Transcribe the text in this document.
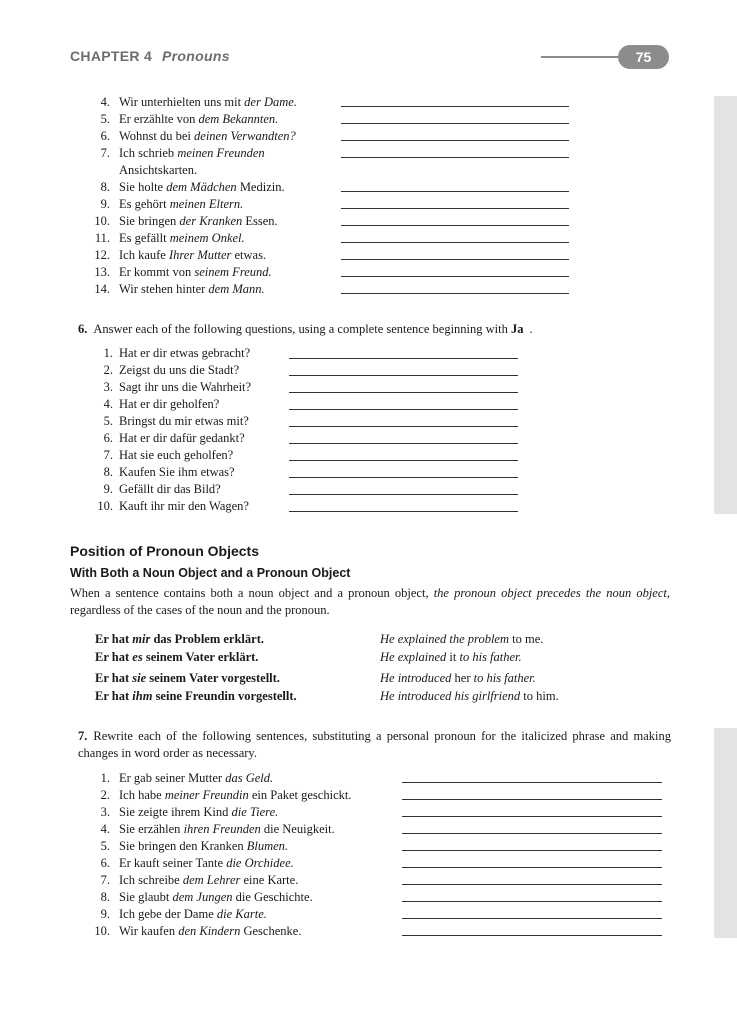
CHAPTER 4 Pronouns	75
4. Wir unterhielten uns mit der Dame.
5. Er erzählte von dem Bekannten.
6. Wohnst du bei deinen Verwandten?
7. Ich schrieb meinen Freunden
Ansichtskarten.
8. Sie holte dem Mädchen Medizin.
9. Es gehört meinen Eltern.
10. Sie bringen der Kranken Essen.
11. Es gefällt meinem Onkel.
12. Ich kaufe Ihrer Mutter etwas.
13. Er kommt von seinem Freund.
14. Wir stehen hinter dem Mann.
6. Answer each of the following questions, using a complete sentence beginning with Ja .
1. Hat er dir etwas gebracht?
2. Zeigst du uns die Stadt?
3. Sagt ihr uns die Wahrheit?
4. Hat er dir geholfen?
5. Bringst du mir etwas mit?
6. Hat er dir dafür gedankt?
7. Hat sie euch geholfen?
8. Kaufen Sie ihm etwas?
9. Gefällt dir das Bild?
10. Kauft ihr mir den Wagen?
Position of Pronoun Objects
With Both a Noun Object and a Pronoun Object
When a sentence contains both a noun object and a pronoun object, the pronoun object precedes the noun object, regardless of the cases of the noun and the pronoun.
Er hat mir das Problem erklärt.	He explained the problem to me.
Er hat es seinem Vater erklärt.	He explained it to his father.
Er hat sie seinem Vater vorgestellt.	He introduced her to his father.
Er hat ihm seine Freundin vorgestellt.	He introduced his girlfriend to him.
7. Rewrite each of the following sentences, substituting a personal pronoun for the italicized phrase and making changes in word order as necessary.
1. Er gab seiner Mutter das Geld.
2. Ich habe meiner Freundin ein Paket geschickt.
3. Sie zeigte ihrem Kind die Tiere.
4. Sie erzählen ihren Freunden die Neuigkeit.
5. Sie bringen den Kranken Blumen.
6. Er kauft seiner Tante die Orchidee.
7. Ich schreibe dem Lehrer eine Karte.
8. Sie glaubt dem Jungen die Geschichte.
9. Ich gebe der Dame die Karte.
10. Wir kaufen den Kindern Geschenke.
